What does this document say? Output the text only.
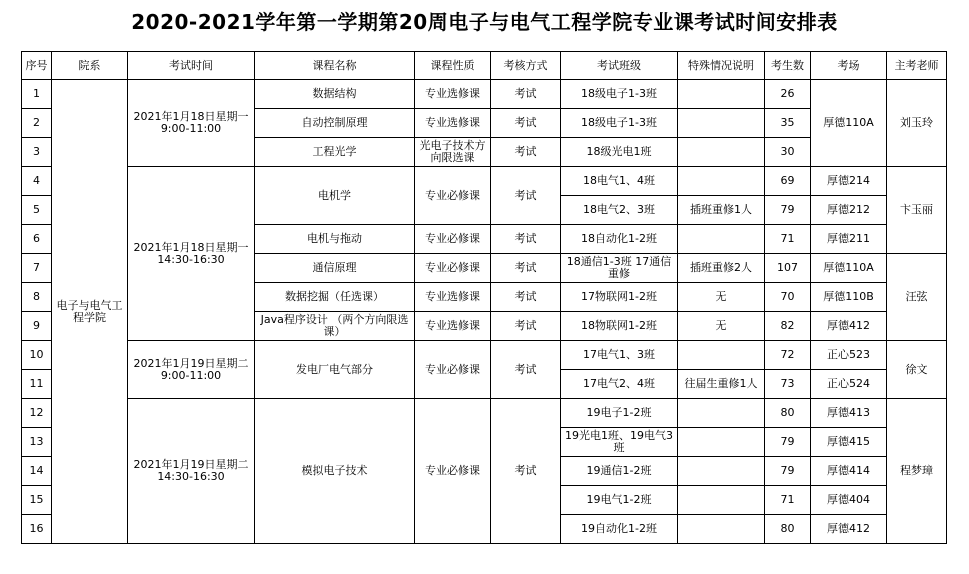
2020-2021学年第一学期第20周电子与电气工程学院专业课考试时间安排表
序号	院系	考试时间	课程名称	课程性质	考核方式	考试班级	特殊情况说明	考生数	考场	主考老师
1	电子与电气工程学院	2021年1月18日星期一 9:00-11:00	数据结构	专业选修课	考试	18级电子1-3班		26	厚德110A	刘玉玲
2			自动控制原理	专业选修课	考试	18级电子1-3班		35		
3			工程光学	光电子技术方向限选课	考试	18级光电1班		30		
4		2021年1月18日星期一 14:30-16:30	电机学	专业必修课	考试	18电气1、4班		69	厚德214	卞玉丽
5						18电气2、3班	插班重修1人	79	厚德212	
6			电机与拖动	专业必修课	考试	18自动化1-2班		71	厚德211	
7			通信原理	专业必修课	考试	18通信1-3班 17通信重修	插班重修2人	107	厚德110A	汪弦
8			数据挖掘（任选课）	专业选修课	考试	17物联网1-2班	无	70	厚德110B	
9			Java程序设计 （两个方向限选课）	专业选修课	考试	18物联网1-2班	无	82	厚德412	
10		2021年1月19日星期二 9:00-11:00	发电厂电气部分	专业必修课	考试	17电气1、3班		72	正心523	徐文
11						17电气2、4班	往届生重修1人	73	正心524	
12		2021年1月19日星期二 14:30-16:30	模拟电子技术	专业必修课	考试	19电子1-2班		80	厚德413	程梦璋
13						19光电1班、19电气3班		79	厚德415	
14						19通信1-2班		79	厚德414	
15						19电气1-2班		71	厚德404	
16						19自动化1-2班		80	厚德412	
